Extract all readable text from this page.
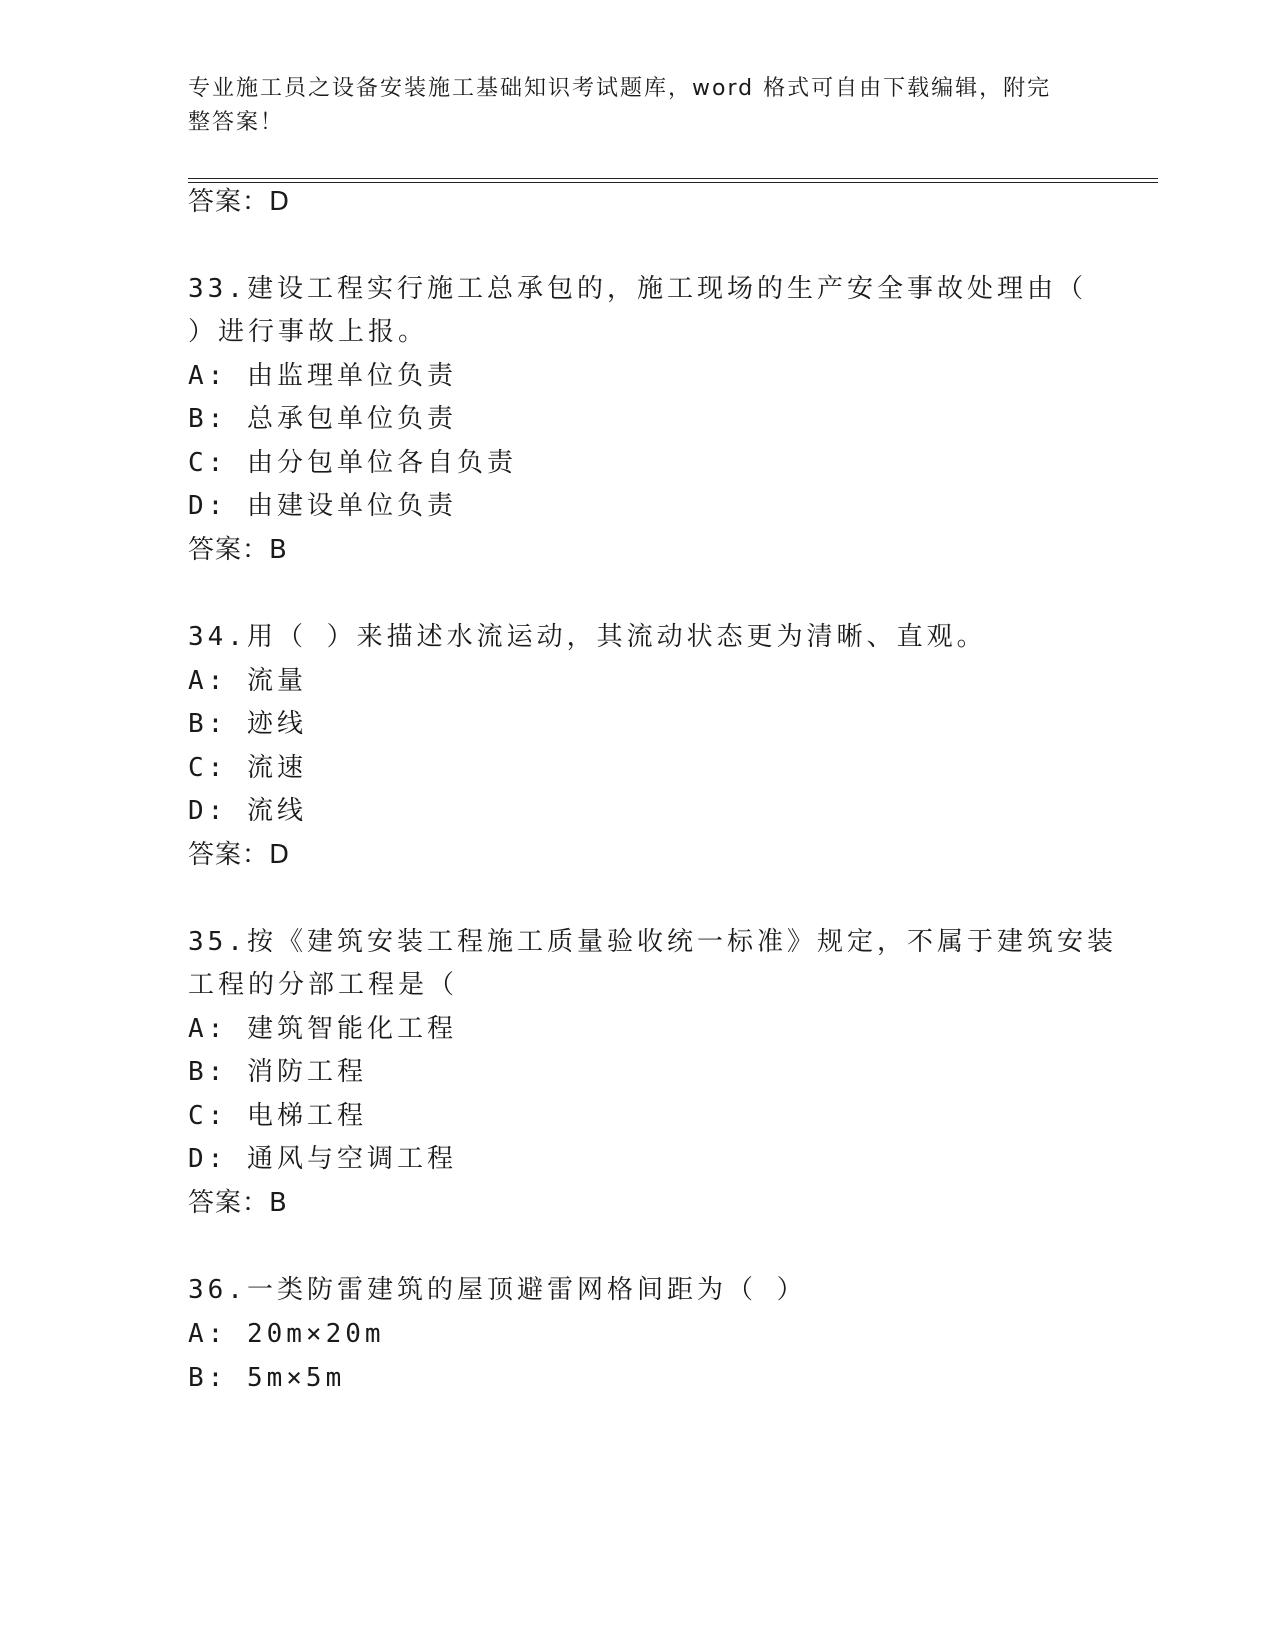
专业施工员之设备安装施工基础知识考试题库，word 格式可自由下载编辑，附完
整答案！
答案：D
33.建设工程实行施工总承包的，施工现场的生产安全事故处理由（
）进行事故上报。
A: 由监理单位负责
B: 总承包单位负责
C: 由分包单位各自负责
D: 由建设单位负责
答案：B
34.用（ ）来描述水流运动，其流动状态更为清晰、直观。
A: 流量
B: 迹线
C: 流速
D: 流线
答案：D
35.按《建筑安装工程施工质量验收统一标准》规定，不属于建筑安装
工程的分部工程是（
A: 建筑智能化工程
B: 消防工程
C: 电梯工程
D: 通风与空调工程
答案：B
36.一类防雷建筑的屋顶避雷网格间距为（ ）
A: 20m×20m
B: 5m×5m
